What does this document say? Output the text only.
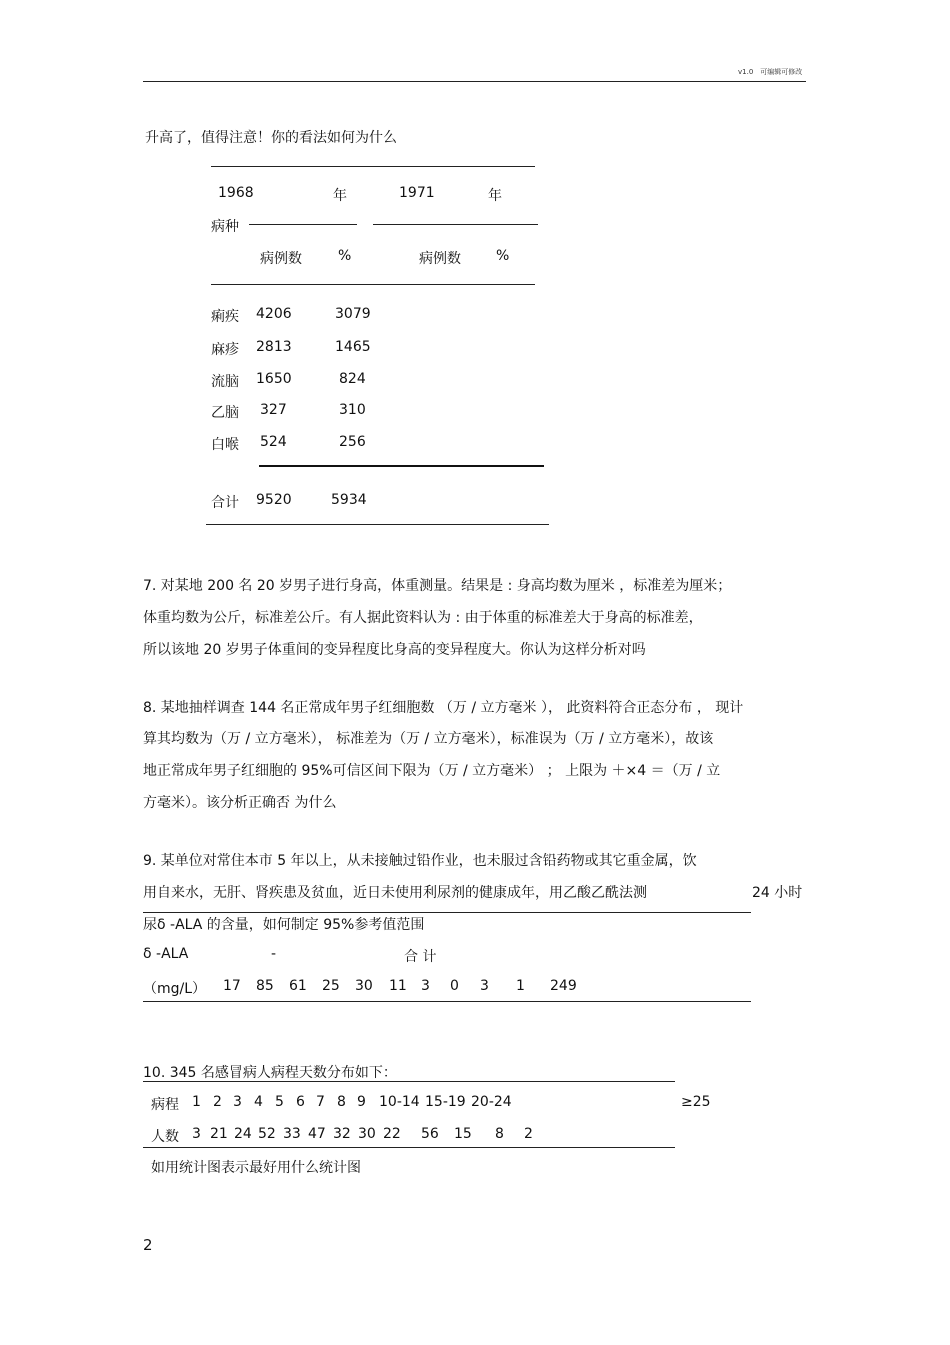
v1.0　可编辑可修改
升高了，值得注意！你的看法如何为什么
1968	年	1971	年
病种
病例数	%	病例数	%
痢疾 4206	3079
麻疹 2813	1465
流脑 1650	824
乙脑 327	310
白喉 524	256
合计 9520	5934
7. 对某地 200 名 20 岁男子进行身高，体重测量。结果是 : 身高均数为厘米 ，标准差为厘米；
体重均数为公斤，标准差公斤。有人据此资料认为 : 由于体重的标准差大于身高的标准差，
所以该地 20 岁男子体重间的变异程度比身高的变异程度大。你认为这样分析对吗
8. 某地抽样调查 144 名正常成年男子红细胞数 （万 / 立方毫米 ）， 此资料符合正态分布 ， 现计
算其均数为（万 / 立方毫米）， 标准差为（万 / 立方毫米），标准误为（万 / 立方毫米），故该
地正常成年男子红细胞的 95%可信区间下限为（万 / 立方毫米） ； 上限为 ＋×4 ＝（万 / 立
方毫米）。该分析正确否 为什么
9. 某单位对常住本市 5 年以上，从未接触过铅作业，也未服过含铅药物或其它重金属，饮
用自来水，无肝、肾疾患及贫血，近日未使用利尿剂的健康成年，用乙酸乙酰法测	24 小时
尿δ -ALA 的含量，如何制定 95%参考值范围
δ -ALA	-	合 计
（mg/L） 17 85 61 25 30 11 3 0 3 1 249
10. 345 名感冒病人病程天数分布如下：
病程 1 2 3 4 5 6 7 8 9 10-14 15-19 20-24	≥25
人数 3 21 24 52 33 47 32 30 22 56 15 8 2
如用统计图表示最好用什么统计图
2
